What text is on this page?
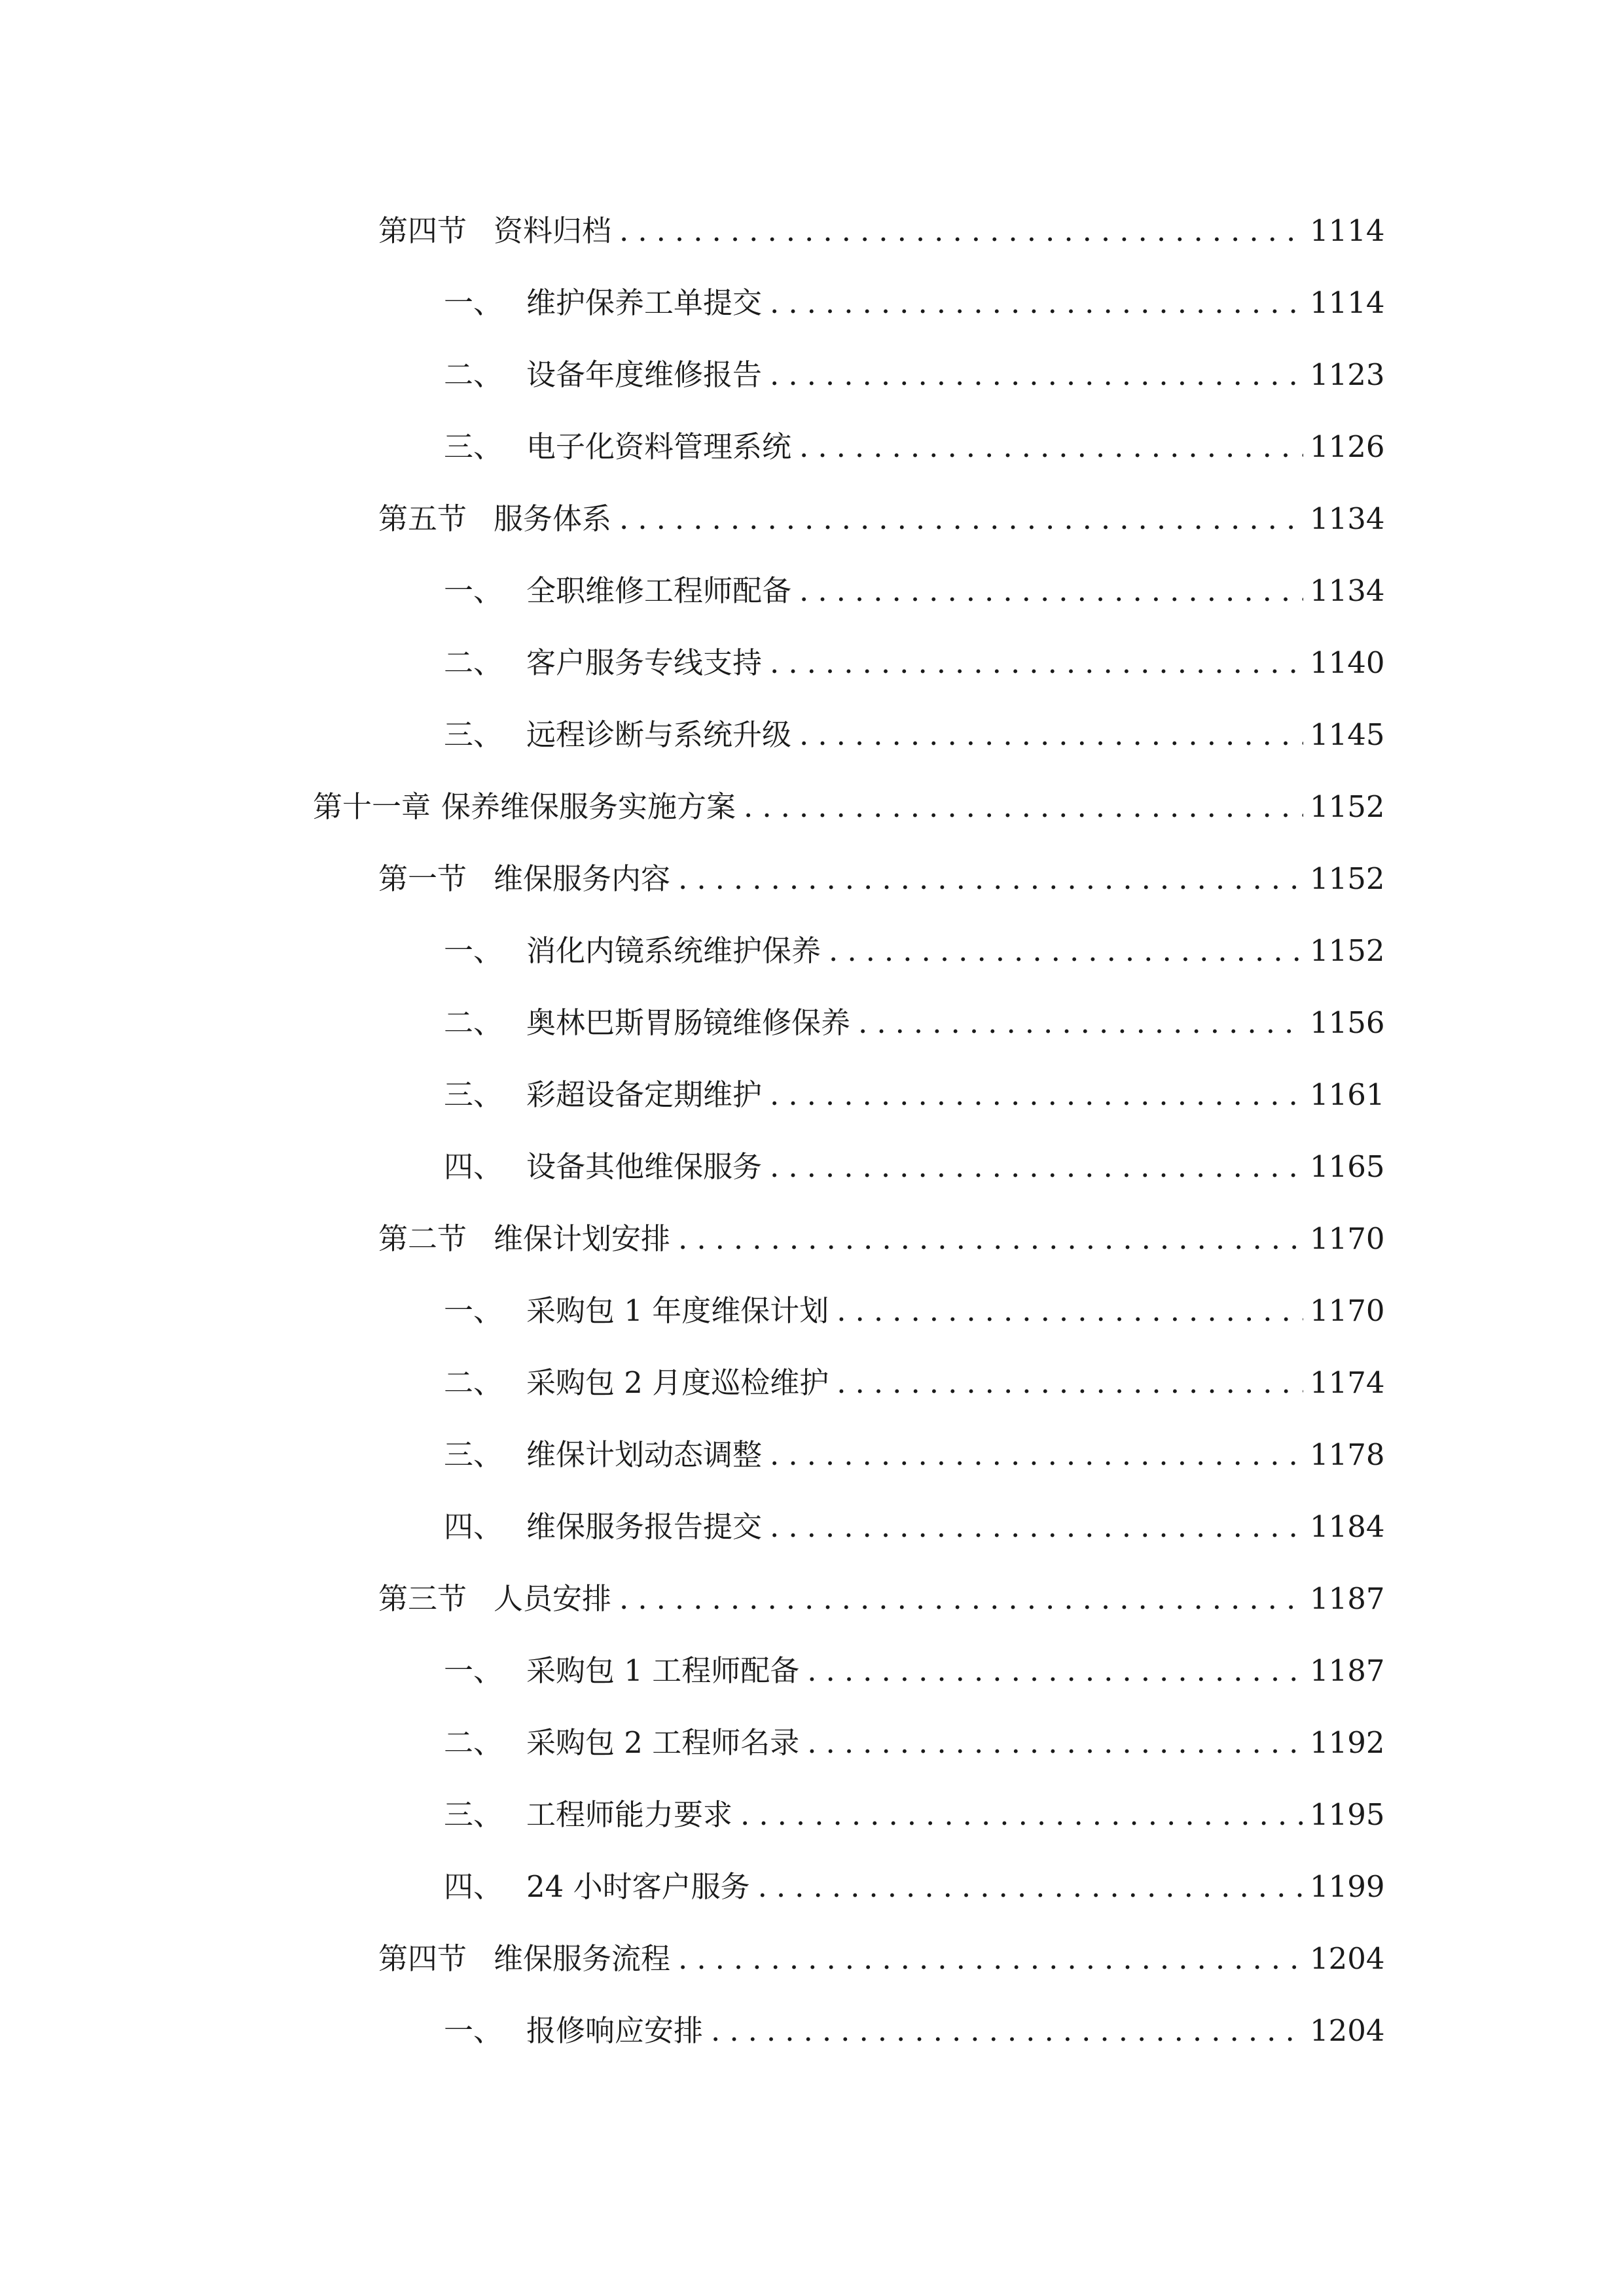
第四节 资料归档 .....	1114
一、 维护保养工单提交 .....	1114
二、 设备年度维修报告 .....	1123
三、 电子化资料管理系统 .....	1126
第五节 服务体系 .....	1134
一、 全职维修工程师配备 .....	1134
二、 客户服务专线支持 .....	1140
三、 远程诊断与系统升级 .....	1145
第十一章 保养维保服务实施方案 .....	1152
第一节 维保服务内容 .....	1152
一、 消化内镜系统维护保养 .....	1152
二、 奥林巴斯胃肠镜维修保养 .....	1156
三、 彩超设备定期维护 .....	1161
四、 设备其他维保服务 .....	1165
第二节 维保计划安排 .....	1170
一、 采购包 1 年度维保计划 .....	1170
二、 采购包 2 月度巡检维护 .....	1174
三、 维保计划动态调整 .....	1178
四、 维保服务报告提交 .....	1184
第三节 人员安排 .....	1187
一、 采购包 1 工程师配备 .....	1187
二、 采购包 2 工程师名录 .....	1192
三、 工程师能力要求 .....	1195
四、 24 小时客户服务 .....	1199
第四节 维保服务流程 .....	1204
一、 报修响应安排 .....	1204
